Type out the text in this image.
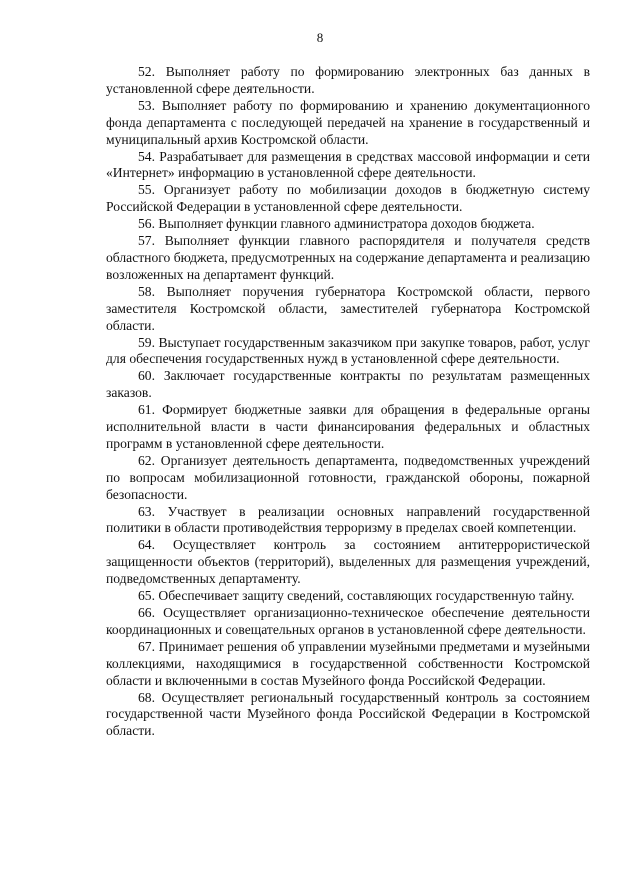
8

52. Выполняет работу по формированию электронных баз данных в установленной сфере деятельности.

53. Выполняет работу по формированию и хранению документационного фонда департамента с последующей передачей на хранение в государственный и муниципальный архив Костромской области.

54. Разрабатывает для размещения в средствах массовой информации и сети «Интернет» информацию в установленной сфере деятельности.

55. Организует работу по мобилизации доходов в бюджетную систему Российской Федерации в установленной сфере деятельности.

56. Выполняет функции главного администратора доходов бюджета.

57. Выполняет функции главного распорядителя и получателя средств областного бюджета, предусмотренных на содержание департамента и реализацию возложенных на департамент функций.

58. Выполняет поручения губернатора Костромской области, первого заместителя Костромской области, заместителей губернатора Костромской области.

59. Выступает государственным заказчиком при закупке товаров, работ, услуг для обеспечения государственных нужд в установленной сфере деятельности.

60. Заключает государственные контракты по результатам размещенных заказов.

61. Формирует бюджетные заявки для обращения в федеральные органы исполнительной власти в части финансирования федеральных и областных программ в установленной сфере деятельности.

62. Организует деятельность департамента, подведомственных учреждений по вопросам мобилизационной готовности, гражданской обороны, пожарной безопасности.

63. Участвует в реализации основных направлений государственной политики в области противодействия терроризму в пределах своей компетенции.

64. Осуществляет контроль за состоянием антитеррористической защищенности объектов (территорий), выделенных для размещения учреждений, подведомственных департаменту.

65. Обеспечивает защиту сведений, составляющих государственную тайну.

66. Осуществляет организационно-техническое обеспечение деятельности координационных и совещательных органов в установленной сфере деятельности.

67. Принимает решения об управлении музейными предметами и музейными коллекциями, находящимися в государственной собственности Костромской области и включенными в состав Музейного фонда Российской Федерации.

68. Осуществляет региональный государственный контроль за состоянием государственной части Музейного фонда Российской Федерации в Костромской области.
